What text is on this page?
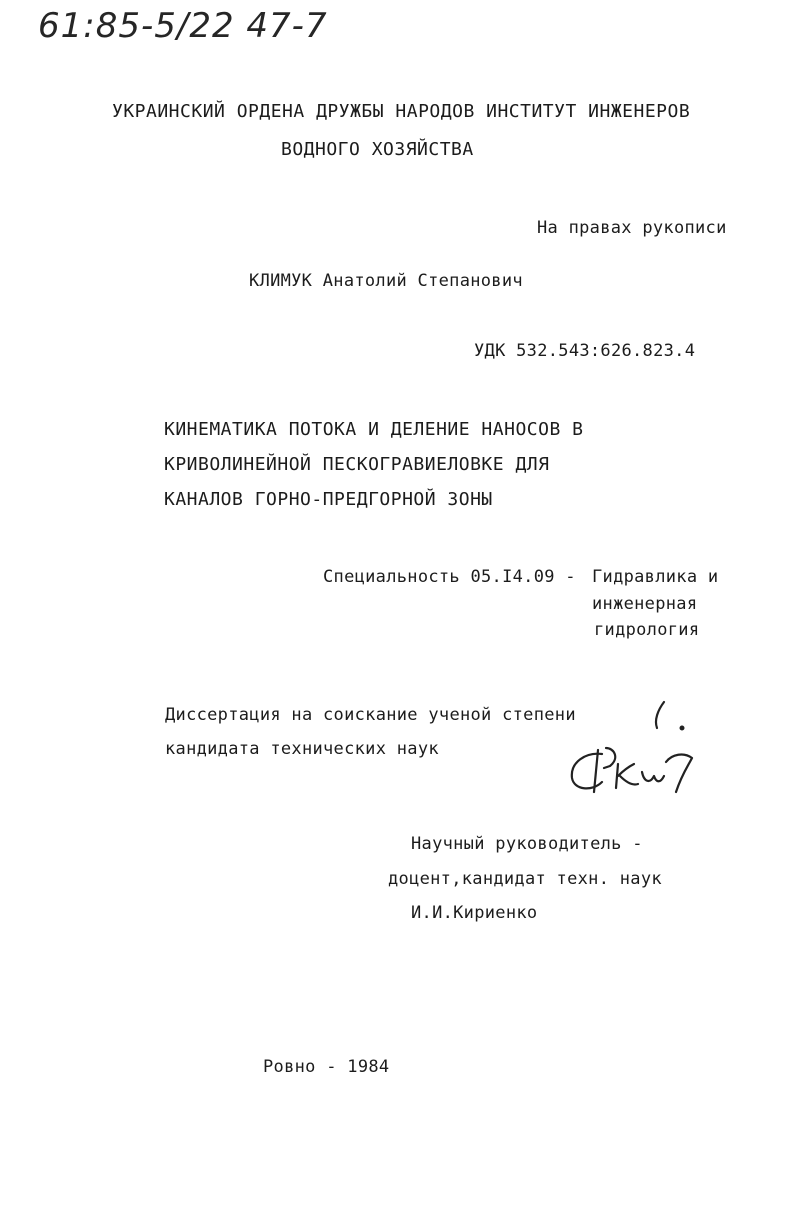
61:85-5/22 47-7
УКРАИНСКИЙ ОРДЕНА ДРУЖБЫ НАРОДОВ ИНСТИТУТ ИНЖЕНЕРОВ
ВОДНОГО ХОЗЯЙСТВА
На правах рукописи
КЛИМУК Анатолий Степанович
УДК 532.543:626.823.4
КИНЕМАТИКА ПОТОКА И ДЕЛЕНИЕ НАНОСОВ В
КРИВОЛИНЕЙНОЙ ПЕСКОГРАВИЕЛОВКЕ ДЛЯ
КАНАЛОВ ГОРНО-ПРЕДГОРНОЙ ЗОНЫ
Специальность 05.I4.09 - Гидравлика и
инженерная
гидрология
Диссертация на соискание ученой степени
кандидата технических наук
Научный руководитель -
доцент,кандидат техн. наук
И.И.Кириенко
Ровно - 1984
